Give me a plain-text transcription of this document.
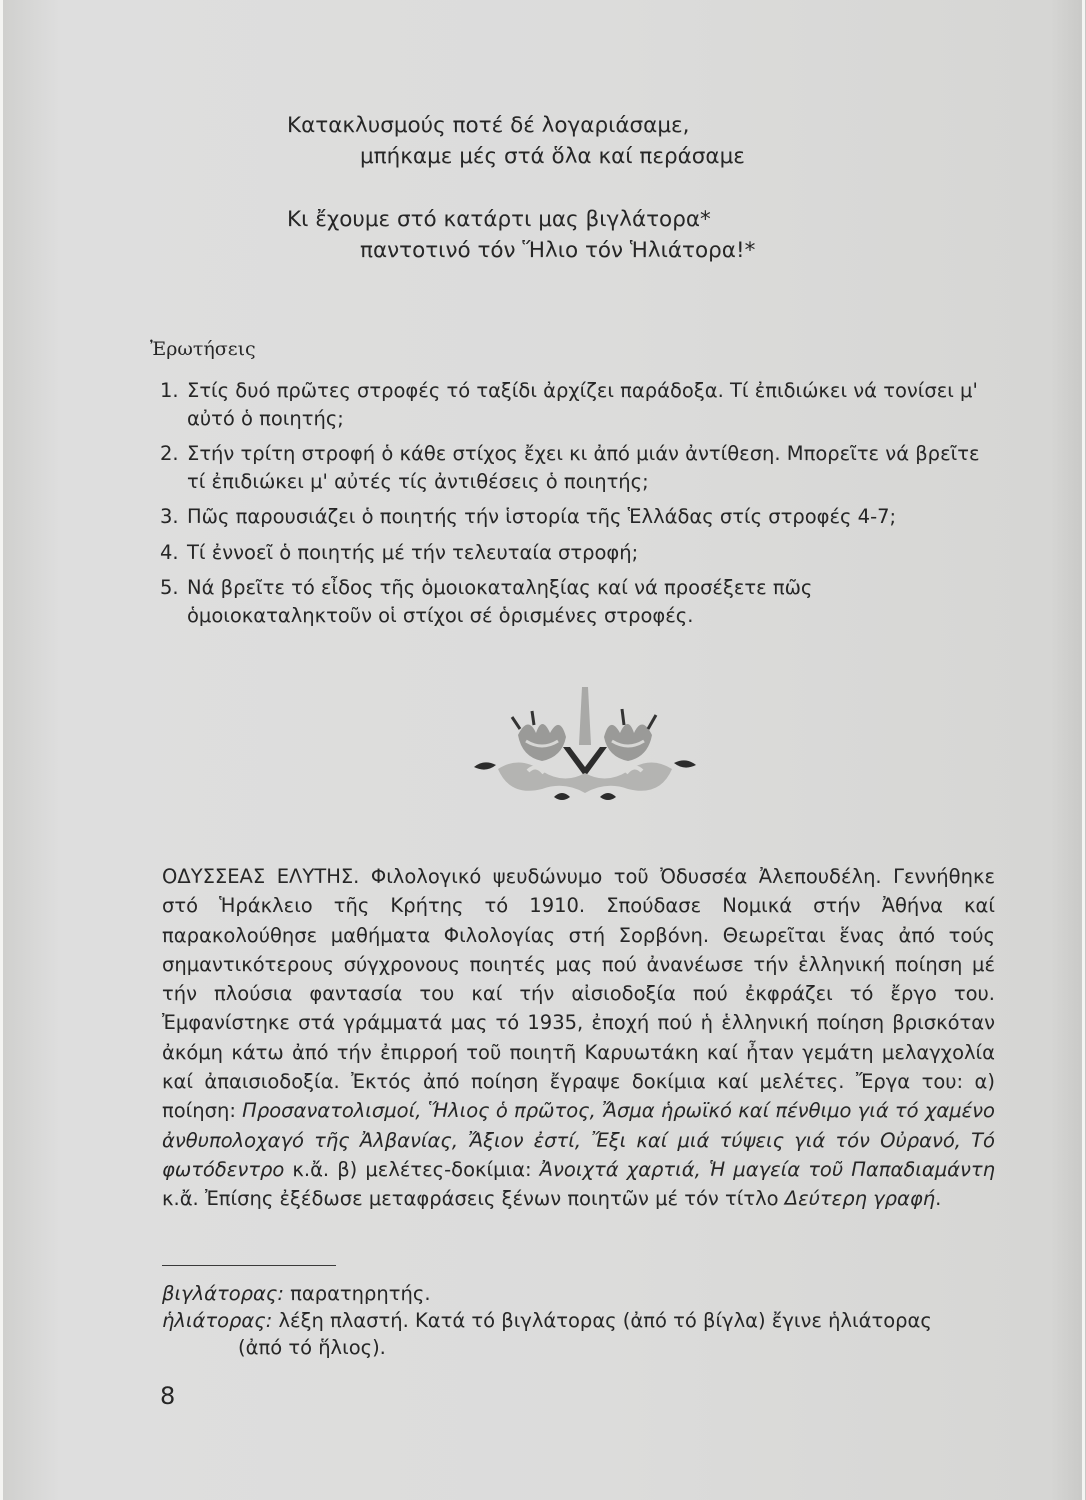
Κατακλυσμούς ποτέ δέ λογαριάσαμε,
μπήκαμε μές στά ὅλα καί περάσαμε
Κι ἔχουμε στό κατάρτι μας βιγλάτορα*
παντοτινό τόν Ἥλιο τόν Ἡλιάτορα!*
Ἐρωτήσεις
1. Στίς δυό πρῶτες στροφές τό ταξίδι ἀρχίζει παράδοξα. Τί ἐπιδιώκει νά τονίσει μ' αὐτό ὁ ποιητής;
2. Στήν τρίτη στροφή ὁ κάθε στίχος ἔχει κι ἀπό μιάν ἀντίθεση. Μπορεῖτε νά βρεῖτε τί ἐπιδιώκει μ' αὐτές τίς ἀντιθέσεις ὁ ποιητής;
3. Πῶς παρουσιάζει ὁ ποιητής τήν ἱστορία τῆς Ἑλλάδας στίς στροφές 4-7;
4. Τί ἐννοεῖ ὁ ποιητής μέ τήν τελευταία στροφή;
5. Νά βρεῖτε τό εἶδος τῆς ὁμοιοκαταληξίας καί νά προσέξετε πῶς ὁμοιοκαταληκτοῦν οἱ στίχοι σέ ὁρισμένες στροφές.
ΟΔΥΣΣΕΑΣ ΕΛΥΤΗΣ. Φιλολογικό ψευδώνυμο τοῦ Ὀδυσσέα Ἀλεπουδέλη. Γεννήθηκε στό Ἡράκλειο τῆς Κρήτης τό 1910. Σπούδασε Νομικά στήν Ἀθήνα καί παρακολούθησε μαθήματα Φιλολογίας στή Σορβόνη. Θεωρεῖται ἕνας ἀπό τούς σημαντικότερους σύγχρονους ποιητές μας πού ἀνανέωσε τήν ἑλληνική ποίηση μέ τήν πλούσια φαντασία του καί τήν αἰσιοδοξία πού ἐκφράζει τό ἔργο του. Ἐμφανίστηκε στά γράμματά μας τό 1935, ἐποχή πού ἡ ἑλληνική ποίηση βρισκόταν ἀκόμη κάτω ἀπό τήν ἐπιρροή τοῦ ποιητῆ Καρυωτάκη καί ἦταν γεμάτη μελαγχολία καί ἀπαισιοδοξία. Ἐκτός ἀπό ποίηση ἔγραψε δοκίμια καί μελέτες. Ἔργα του: α) ποίηση: Προσανατολισμοί, Ἥλιος ὁ πρῶτος, Ἄσμα ἡρωϊκό καί πένθιμο γιά τό χαμένο ἀνθυπολοχαγό τῆς Ἀλβανίας, Ἄξιον ἐστί, Ἔξι καί μιά τύψεις γιά τόν Οὐρανό, Τό φωτόδεντρο κ.ἄ. β) μελέτες-δοκίμια: Ἀνοιχτά χαρτιά, Ἡ μαγεία τοῦ Παπαδιαμάντη κ.ἄ. Ἐπίσης ἐξέδωσε μεταφράσεις ξένων ποιητῶν μέ τόν τίτλο Δεύτερη γραφή.
βιγλάτορας: παρατηρητής.
ἡλιάτορας: λέξη πλαστή. Κατά τό βιγλάτορας (ἀπό τό βίγλα) ἔγινε ἡλιάτορας
(ἀπό τό ἥλιος).
8
